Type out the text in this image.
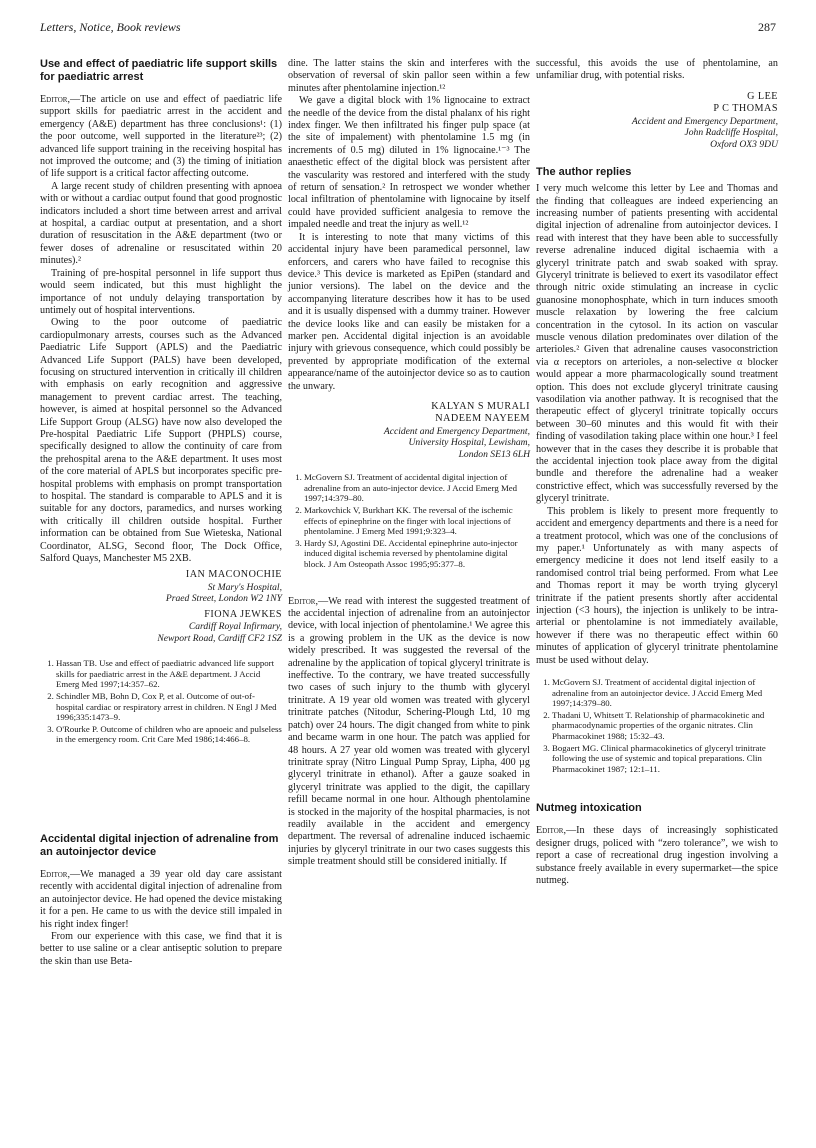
Letters, Notice, Book reviews	287
Use and effect of paediatric life support skills for paediatric arrest

Editor,—The article on use and effect of paediatric life support skills for paediatric arrest in the accident and emergency (A&E) department has three conclusions¹: (1) the poor outcome, well supported in the literature²³; (2) advanced life support training in the receiving hospital has not improved the outcome; and (3) the timing of initiation of life support is a critical factor affecting outcome.

A large recent study of children presenting with apnoea with or without a cardiac output found that good prognostic indicators included a short time between arrest and arrival at hospital, a cardiac output at presentation, and a short duration of resuscitation in the A&E department (two or fewer doses of adrenaline or resuscitated within 20 minutes).²

Training of pre-hospital personnel in life support thus would seem indicated, but this must highlight the importance of not unduly delaying transportation by untimely out of hospital interventions.

Owing to the poor outcome of paediatric cardiopulmonary arrests, courses such as the Advanced Paediatric Life Support (APLS) and the Paediatric Advanced Life Support (PALS) have been developed, focusing on structured intervention in critically ill children with emphasis on early recognition and aggressive management to prevent cardiac arrest. The teaching, however, is aimed at hospital personnel so the Advanced Life Support Group (ALSG) have now also developed the Pre-hospital Paediatric Life Support (PHPLS) course, specifically designed to allow the continuity of care from the prehospital arena to the A&E department. It uses most of the core material of APLS but incorporates specific pre-hospital problems with emphasis on prompt transportation to hospital. The standard is comparable to APLS and it is suitable for any doctors, paramedics, and nurses working with critically ill children outside hospital. Further information can be obtained from Sue Wieteska, National Coordinator, ALSG, Second floor, The Dock Office, Salford Quays, Manchester M5 2XB.

IAN MACONOCHIE
St Mary's Hospital,
Praed Street, London W2 1NY
FIONA JEWKES
Cardiff Royal Infirmary,
Newport Road, Cardiff CF2 1SZ
1. Hassan TB. Use and effect of paediatric advanced life support skills for paediatric arrest in the A&E department. J Accid Emerg Med 1997;14:357–62.
2. Schindler MB, Bohn D, Cox P, et al. Outcome of out-of-hospital cardiac or respiratory arrest in children. N Engl J Med 1996;335:1473–9.
3. O'Rourke P. Outcome of children who are apnoeic and pulseless in the emergency room. Crit Care Med 1986;14:466–8.
Accidental digital injection of adrenaline from an autoinjector device

Editor,—We managed a 39 year old day care assistant recently with accidental digital injection of adrenaline from an autoinjector device. He had opened the device mistaking it for a pen. He came to us with the device still impaled in his right index finger!

From our experience with this case, we find that it is better to use saline or a clear antiseptic solution to prepare the skin than use Beta-

dine. The latter stains the skin and interferes with the observation of reversal of skin pallor seen within a few minutes after phentolamine injection.¹²

We gave a digital block with 1% lignocaine to extract the needle of the device from the distal phalanx of his right index finger. We then infiltrated his finger pulp space (at the site of impalement) with phentolamine 1.5 mg (in increments of 0.5 mg) diluted in 1% lignocaine.¹⁻³ The anaesthetic effect of the digital block was persistent after the vascularity was restored and interfered with the study of return of sensation.² In retrospect we wonder whether local infiltration of phentolamine with lignocaine by itself could have provided sufficient analgesia to remove the impaled needle and treat the injury as well.¹²

It is interesting to note that many victims of this accidental injury have been paramedical personnel, law enforcers, and carers who have failed to recognise this device.³ This device is marketed as EpiPen (standard and junior versions). The label on the device and the accompanying literature describes how it has to be used and it is usually dispensed with a dummy trainer. However the device looks like and can easily be mistaken for a marker pen. Accidental digital injection is an avoidable injury with grievous consequence, which could possibly be prevented by appropriate modification of the external appearance/name of the autoinjector device so as to caution the unwary.

KALYAN S MURALI
NADEEM NAYEEM
Accident and Emergency Department,
University Hospital, Lewisham,
London SE13 6LH
1. McGovern SJ. Treatment of accidental digital injection of adrenaline from an auto-injector device. J Accid Emerg Med 1997;14:379–80.
2. Markovchick V, Burkhart KK. The reversal of the ischemic effects of epinephrine on the finger with local injections of phentolamine. J Emerg Med 1991;9:323–4.
3. Hardy SJ, Agostini DE. Accidental epinephrine auto-injector induced digital ischemia reversed by phentolamine digital block. J Am Osteopath Assoc 1995;95:377–8.

Editor,—We read with interest the suggested treatment of the accidental injection of adrenaline from an autoinjector device, with local injection of phentolamine.¹ We agree this is a growing problem in the UK as the device is now widely prescribed. It was suggested the reversal of the adrenaline by the application of topical glyceryl trinitrate is ineffective. To the contrary, we have treated successfully two cases of such injury to the thumb with glyceryl trinitrate. A 19 year old women was treated with glyceryl trinitrate patches (Nitodur, Schering-Plough Ltd, 10 mg patch) over 24 hours. The digit changed from white to pink and became warm in one hour. The patch was applied for 48 hours. A 27 year old women was treated with glyceryl trinitrate spray (Nitro Lingual Pump Spray, Lipha, 400 µg glyceryl trinitrate in ethanol). After a gauze soaked in glyceryl trinitrate was applied to the digit, the capillary refill became normal in one hour. Although phentolamine is stocked in the majority of the hospital pharmacies, is not readily available in the accident and emergency department. The reversal of adrenaline induced ischaemic injuries by glyceryl trinitrate in our two cases suggests this simple treatment should still be considered initially. If

successful, this avoids the use of phentolamine, an unfamiliar drug, with potential risks.

G LEE
P C THOMAS
Accident and Emergency Department,
John Radcliffe Hospital,
Oxford OX3 9DU
The author replies

I very much welcome this letter by Lee and Thomas and the finding that colleagues are indeed experiencing an increasing number of patients presenting with accidental digital injection of adrenaline from autoinjector devices. I read with interest that they have been able to successfully reverse adrenaline induced digital ischaemia with a glyceryl trinitrate patch and swab soaked with spray. Glyceryl trinitrate is believed to exert its vasodilator effect through nitric oxide stimulating an increase in cyclic guanosine monophosphate, which in turn induces smooth muscle relaxation by lowering the free calcium concentration in the cytosol. In its action on vascular muscle venous dilation predominates over dilation of the arterioles.² Given that adrenaline causes vasoconstriction via α receptors on arterioles, a non-selective α blocker would appear a more pharmacologically sound treatment option. This does not exclude glyceryl trinitrate causing vasodilation via another pathway. It is recognised that the therapeutic effect of glyceryl trinitrate topically occurs between 30–60 minutes and this would fit with their finding of vasodilation taking place within one hour.³ I feel however that in the cases they describe it is probable that the accidental injection took place away from the digital bundle and therefore the adrenaline had a weaker constrictive effect, which was successfully reversed by the glyceryl trinitrate.

This problem is likely to present more frequently to accident and emergency departments and there is a need for a treatment protocol, which was one of the conclusions of my paper.¹ Unfortunately as with many aspects of emergency medicine it does not lend itself easily to a randomised control trial being performed. From what Lee and Thomas report it may be worth trying glyceryl trinitrate if the patient presents shortly after accidental injection (<3 hours), the injection is unlikely to be intra-arterial or phentolamine is not immediately available, however if there was no therapeutic effect within 60 minutes of application of glyceryl trinitrate phentolamine must be used without delay.

1. McGovern SJ. Treatment of accidental digital injection of adrenaline from an autoinjector device. J Accid Emerg Med 1997;14:379–80.
2. Thadani U, Whitsett T. Relationship of pharmacokinetic and pharmacodynamic properties of the organic nitrates. Clin Pharmacokinet 1988; 15:32–43.
3. Bogaert MG. Clinical pharmacokinetics of glyceryl trinitrate following the use of systemic and topical preparations. Clin Pharmacokinet 1987; 12:1–11.
Nutmeg intoxication

Editor,—In these days of increasingly sophisticated designer drugs, policed with “zero tolerance”, we wish to report a case of recreational drug ingestion involving a substance freely available in every supermarket—the spice nutmeg.
